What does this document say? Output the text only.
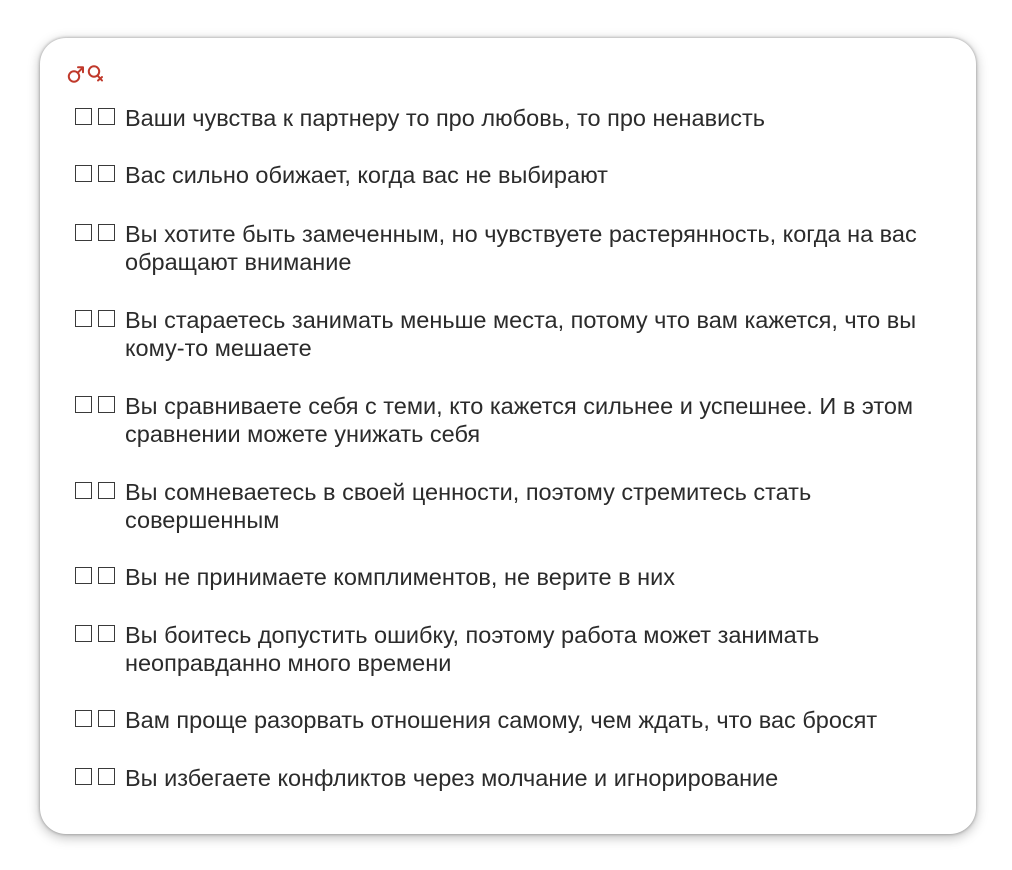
Ваши чувства к партнеру то про любовь, то про ненависть
Вас сильно обижает, когда вас не выбирают
Вы хотите быть замеченным, но чувствуете растерянность, когда на вас обращают внимание
Вы стараетесь занимать меньше места, потому что вам кажется, что вы кому-то мешаете
Вы сравниваете себя с теми, кто кажется сильнее и успешнее. И в этом сравнении можете унижать себя
Вы сомневаетесь в своей ценности, поэтому стремитесь стать совершенным
Вы не принимаете комплиментов, не верите в них
Вы боитесь допустить ошибку, поэтому работа может занимать неоправданно много времени
Вам проще разорвать отношения самому, чем ждать, что вас бросят
Вы избегаете конфликтов через молчание и игнорирование
